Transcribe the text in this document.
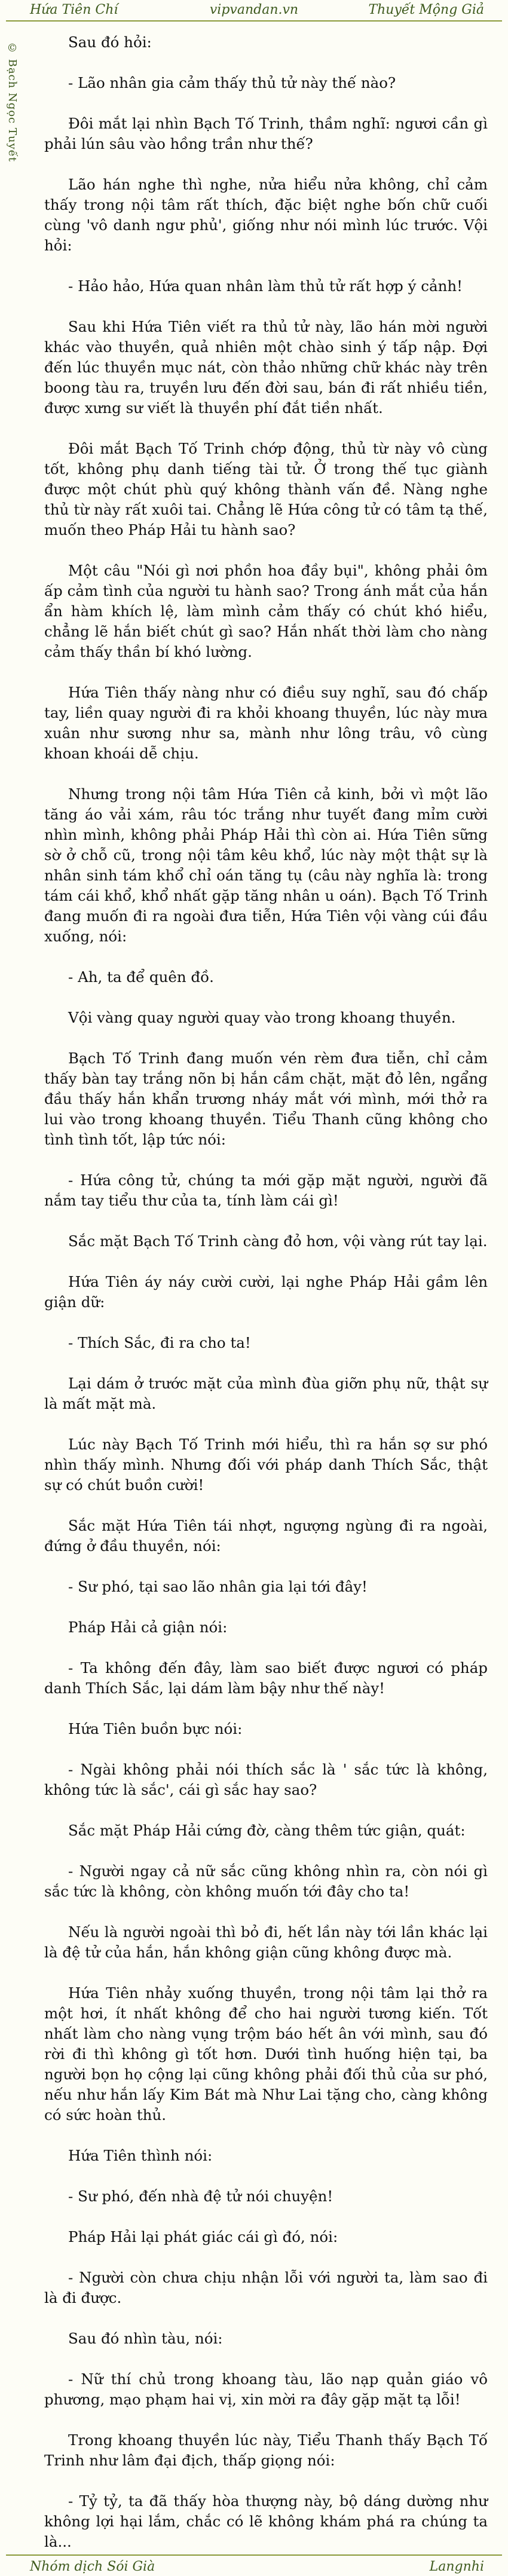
Hứa Tiên Chí	vipvandan.vn	Thuyết Mộng Giả
© Bạch Ngọc Tuyết	Sau đó hỏi:

- Lão nhân gia cảm thấy thủ tử này thế nào?

Đôi mắt lại nhìn Bạch Tố Trinh, thầm nghĩ: ngươi cần gì phải lún sâu vào hồng trần như thế?

Lão hán nghe thì nghe, nửa hiểu nửa không, chỉ cảm thấy trong nội tâm rất thích, đặc biệt nghe bốn chữ cuối cùng 'vô danh ngư phủ', giống như nói mình lúc trước. Vội hỏi:

- Hảo hảo, Hứa quan nhân làm thủ tử rất hợp ý cảnh!

Sau khi Hứa Tiên viết ra thủ tử này, lão hán mời người khác vào thuyền, quả nhiên một chào sinh ý tấp nập. Đợi đến lúc thuyền mục nát, còn thảo những chữ khác này trên boong tàu ra, truyền lưu đến đời sau, bán đi rất nhiều tiền, được xưng sư viết là thuyền phí đắt tiền nhất.

Đôi mắt Bạch Tố Trinh chớp động, thủ từ này vô cùng tốt, không phụ danh tiếng tài tử. Ở trong thế tục giành được một chút phù quý không thành vấn đề. Nàng nghe thủ từ này rất xuôi tai. Chẳng lẽ Hứa công tử có tâm tạ thế, muốn theo Pháp Hải tu hành sao?

Một câu "Nói gì nơi phồn hoa đầy bụi", không phải ôm ấp cảm tình của người tu hành sao? Trong ánh mắt của hắn ẩn hàm khích lệ, làm mình cảm thấy có chút khó hiểu, chẳng lẽ hắn biết chút gì sao? Hắn nhất thời làm cho nàng cảm thấy thần bí khó lường.

Hứa Tiên thấy nàng như có điều suy nghĩ, sau đó chấp tay, liền quay người đi ra khỏi khoang thuyền, lúc này mưa xuân như sương như sa, mành như lông trâu, vô cùng khoan khoái dễ chịu.

Nhưng trong nội tâm Hứa Tiên cả kinh, bởi vì một lão tăng áo vải xám, râu tóc trắng như tuyết đang mỉm cười nhìn mình, không phải Pháp Hải thì còn ai. Hứa Tiên sững sờ ở chỗ cũ, trong nội tâm kêu khổ, lúc này một thật sự là nhân sinh tám khổ chỉ oán tăng tụ (câu này nghĩa là: trong tám cái khổ, khổ nhất gặp tăng nhân u oán). Bạch Tố Trinh đang muốn đi ra ngoài đưa tiễn, Hứa Tiên vội vàng cúi đầu xuống, nói:

- Ah, ta để quên đồ.

Vội vàng quay người quay vào trong khoang thuyền.

Bạch Tố Trinh đang muốn vén rèm đưa tiễn, chỉ cảm thấy bàn tay trắng nõn bị hắn cầm chặt, mặt đỏ lên, ngẩng đầu thấy hắn khẩn trương nháy mắt với mình, mới thở ra lui vào trong khoang thuyền. Tiểu Thanh cũng không cho tình tình tốt, lập tức nói:

- Hứa công tử, chúng ta mới gặp mặt người, người đã nắm tay tiểu thư của ta, tính làm cái gì!

Sắc mặt Bạch Tố Trinh càng đỏ hơn, vội vàng rút tay lại.

Hứa Tiên áy náy cười cười, lại nghe Pháp Hải gầm lên giận dữ:

- Thích Sắc, đi ra cho ta!

Lại dám ở trước mặt của mình đùa giỡn phụ nữ, thật sự là mất mặt mà.

Lúc này Bạch Tố Trinh mới hiểu, thì ra hắn sợ sư phó nhìn thấy mình. Nhưng đối với pháp danh Thích Sắc, thật sự có chút buồn cười!

Sắc mặt Hứa Tiên tái nhợt, ngượng ngùng đi ra ngoài, đứng ở đầu thuyền, nói:

- Sư phó, tại sao lão nhân gia lại tới đây!

Pháp Hải cả giận nói:

- Ta không đến đây, làm sao biết được ngươi có pháp danh Thích Sắc, lại dám làm bậy như thế này!

Hứa Tiên buồn bực nói:

- Ngài không phải nói thích sắc là ' sắc tức là không, không tức là sắc', cái gì sắc hay sao?

Sắc mặt Pháp Hải cứng đờ, càng thêm tức giận, quát:

- Người ngay cả nữ sắc cũng không nhìn ra, còn nói gì sắc tức là không, còn không muốn tới đây cho ta!

Nếu là người ngoài thì bỏ đi, hết lần này tới lần khác lại là đệ tử của hắn, hắn không giận cũng không được mà.

Hứa Tiên nhảy xuống thuyền, trong nội tâm lại thở ra một hơi, ít nhất không để cho hai người tương kiến. Tốt nhất làm cho nàng vụng trộm báo hết ân với mình, sau đó rời đi thì không gì tốt hơn. Dưới tình huống hiện tại, ba người bọn họ cộng lại cũng không phải đối thủ của sư phó, nếu như hắn lấy Kim Bát mà Như Lai tặng cho, càng không có sức hoàn thủ.

Hứa Tiên thình nói:

- Sư phó, đến nhà đệ tử nói chuyện!

Pháp Hải lại phát giác cái gì đó, nói:

- Người còn chưa chịu nhận lỗi với người ta, làm sao đi là đi được.

Sau đó nhìn tàu, nói:

- Nữ thí chủ trong khoang tàu, lão nạp quản giáo vô phương, mạo phạm hai vị, xin mời ra đây gặp mặt tạ lỗi!

Trong khoang thuyền lúc này, Tiểu Thanh thấy Bạch Tố Trinh như lâm đại địch, thấp giọng nói:

- Tỷ tỷ, ta đã thấy hòa thượng này, bộ dáng dường như không lợi hại lắm, chắc có lẽ không khám phá ra chúng ta là...

Nhóm dịch Sói Già	Langnhi
